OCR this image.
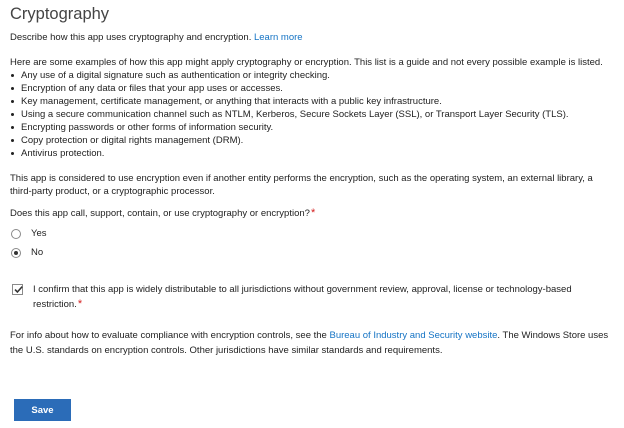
Cryptography

Describe how this app uses cryptography and encryption. Learn more

Here are some examples of how this app might apply cryptography or encryption. This list is a guide and not every possible example is listed.

Any use of a digital signature such as authentication or integrity checking.
Encryption of any data or files that your app uses or accesses.
Key management, certificate management, or anything that interacts with a public key infrastructure.
Using a secure communication channel such as NTLM, Kerberos, Secure Sockets Layer (SSL), or Transport Layer Security (TLS).
Encrypting passwords or other forms of information security.
Copy protection or digital rights management (DRM).
Antivirus protection.

This app is considered to use encryption even if another entity performs the encryption, such as the operating system, an external library, a third-party product, or a cryptographic processor.

Does this app call, support, contain, or use cryptography or encryption?*

Yes
No
I confirm that this app is widely distributable to all jurisdictions without government review, approval, license or technology-based restriction.*

For info about how to evaluate compliance with encryption controls, see the Bureau of Industry and Security website. The Windows Store uses the U.S. standards on encryption controls. Other jurisdictions have similar standards and requirements.

Save
